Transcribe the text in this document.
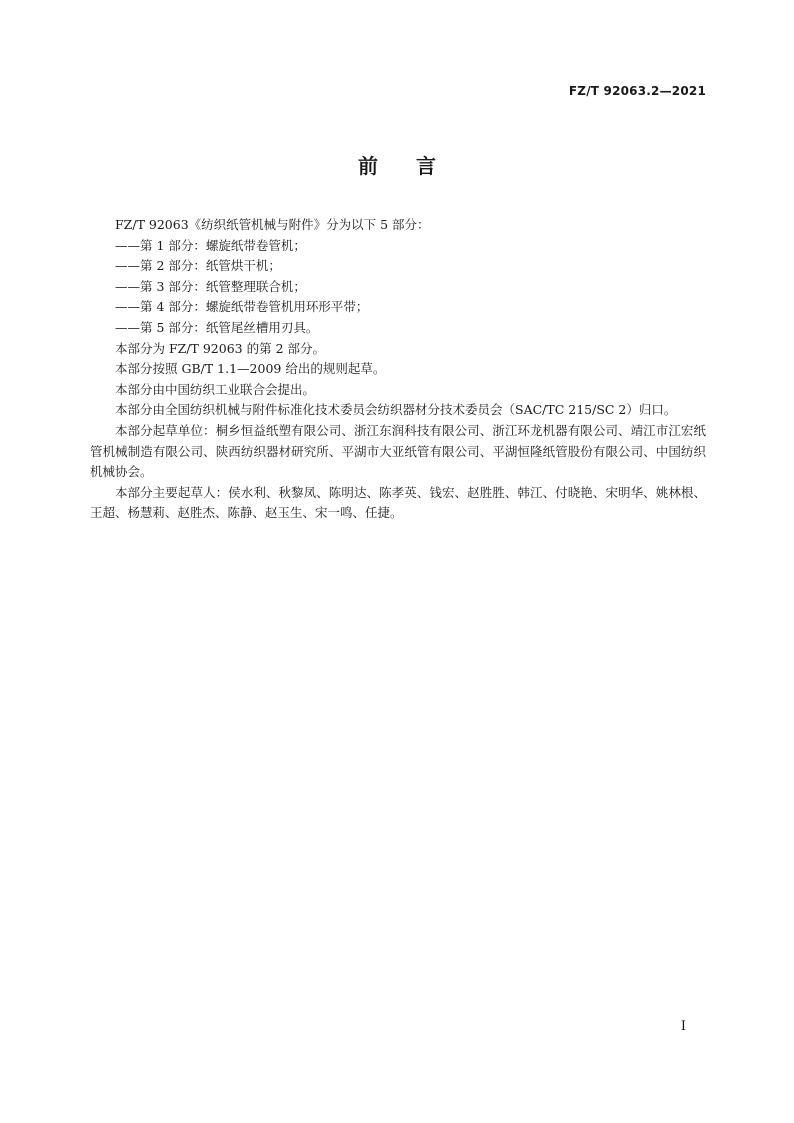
FZ/T 92063.2—2021
前言

FZ/T 92063《纺织纸管机械与附件》分为以下 5 部分：

——第 1 部分：螺旋纸带卷管机；

——第 2 部分：纸管烘干机；

——第 3 部分：纸管整理联合机；

——第 4 部分：螺旋纸带卷管机用环形平带；

——第 5 部分：纸管尾丝槽用刃具。

本部分为 FZ/T 92063 的第 2 部分。

本部分按照 GB/T 1.1—2009 给出的规则起草。

本部分由中国纺织工业联合会提出。

本部分由全国纺织机械与附件标准化技术委员会纺织器材分技术委员会（SAC/TC 215/SC 2）归口。

本部分起草单位：桐乡恒益纸塑有限公司、浙江东润科技有限公司、浙江环龙机器有限公司、靖江市江宏纸管机械制造有限公司、陕西纺织器材研究所、平湖市大亚纸管有限公司、平湖恒隆纸管股份有限公司、中国纺织机械协会。

本部分主要起草人：侯水利、秋黎凤、陈明达、陈孝英、钱宏、赵胜胜、韩江、付晓艳、宋明华、姚林根、王超、杨慧莉、赵胜杰、陈静、赵玉生、宋一鸣、任捷。

I
